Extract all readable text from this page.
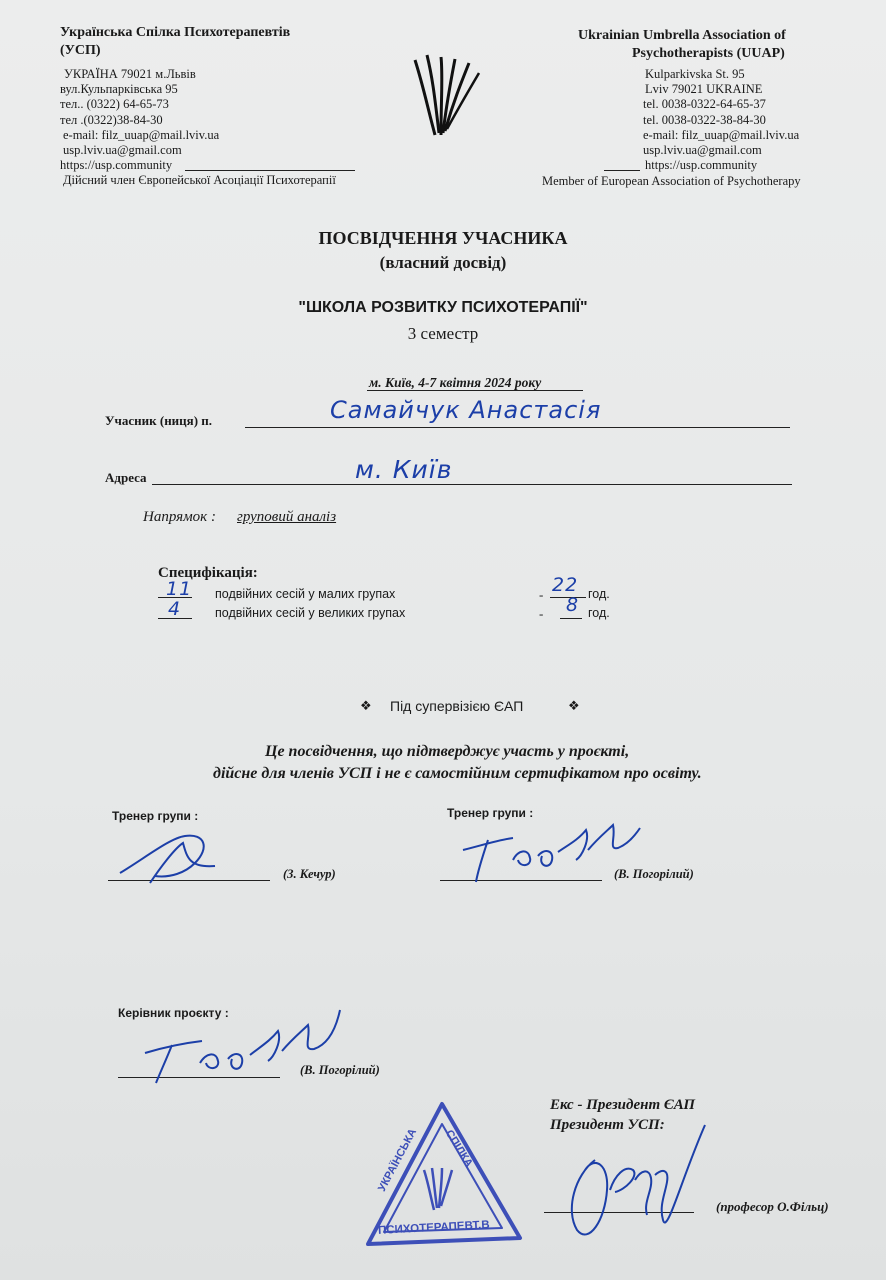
Українська Спілка Психотерапевтів
(УСП)
УКРАЇНА 79021 м.Львів
вул.Кульпарківська 95
тел.. (0322) 64-65-73
тел .(0322)38-84-30
e-mail: filz_uuap@mail.lviv.ua
usp.lviv.ua@gmail.com
https://usp.community
Дійсний член Європейської Асоціації Психотерапії
Ukrainian Umbrella Association of
Psychotherapists (UUAP)
Kulparkivska St. 95
Lviv 79021 UKRAINE
tel. 0038-0322-64-65-37
tel. 0038-0322-38-84-30
e-mail: filz_uuap@mail.lviv.ua
usp.lviv.ua@gmail.com
https://usp.community
Member of European Association of Psychotherapy
ПОСВІДЧЕННЯ УЧАСНИКА
(власний досвід)
"ШКОЛА РОЗВИТКУ ПСИХОТЕРАПІЇ"
3 семестр
м. Київ, 4-7 квітня 2024 року
Учасник (ниця) п.	Самайчук Анастасія
Адреса	м. Київ
Напрямок : груповий аналіз
Специфікація:
11 подвійних сесій у малих групах	- 22 год.
4	подвійних сесій у великих групах	- 8 год.
❖ Під супервізією ЄАП	❖
Це посвідчення, що підтверджує участь у проєкті,
дійсне для членів УСП і не є самостійним сертифікатом про освіту.
Тренер групи :
(З. Кечур)
Тренер групи :
(В. Погорілий)
Керівник проєкту :
(В. Погорілий)
УКРАЇНСЬКА СПІЛКА
ПСИХОТЕРАПЕВТ.В
Екс - Президент ЄАП
Президент УСП:
(професор О.Фільц)
